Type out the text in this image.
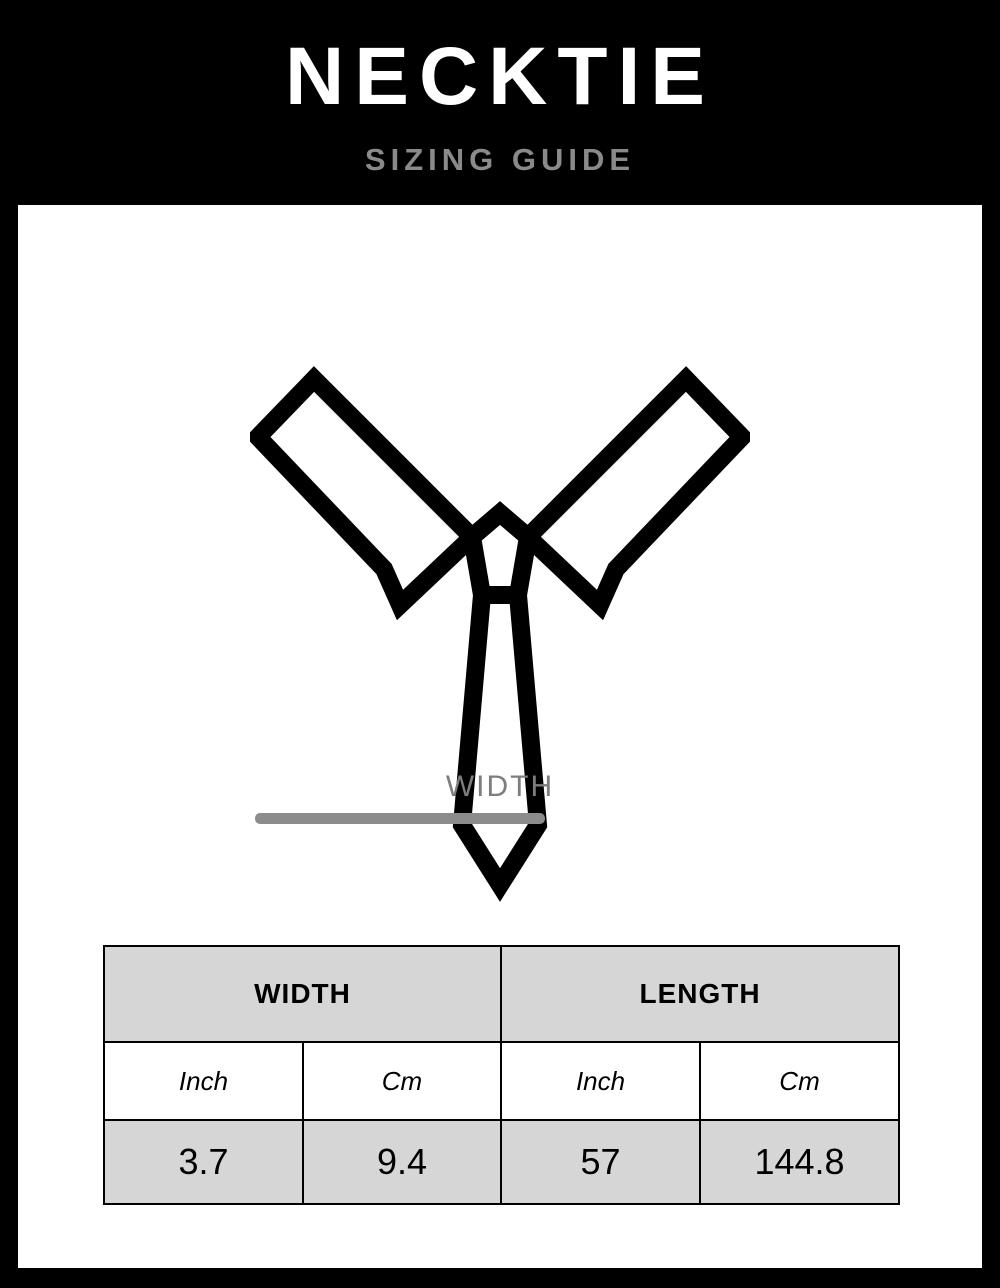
NECKTIE
SIZING GUIDE
WIDTH
WIDTH		LENGTH	
Inch	Cm	Inch	Cm
3.7	9.4	57	144.8
